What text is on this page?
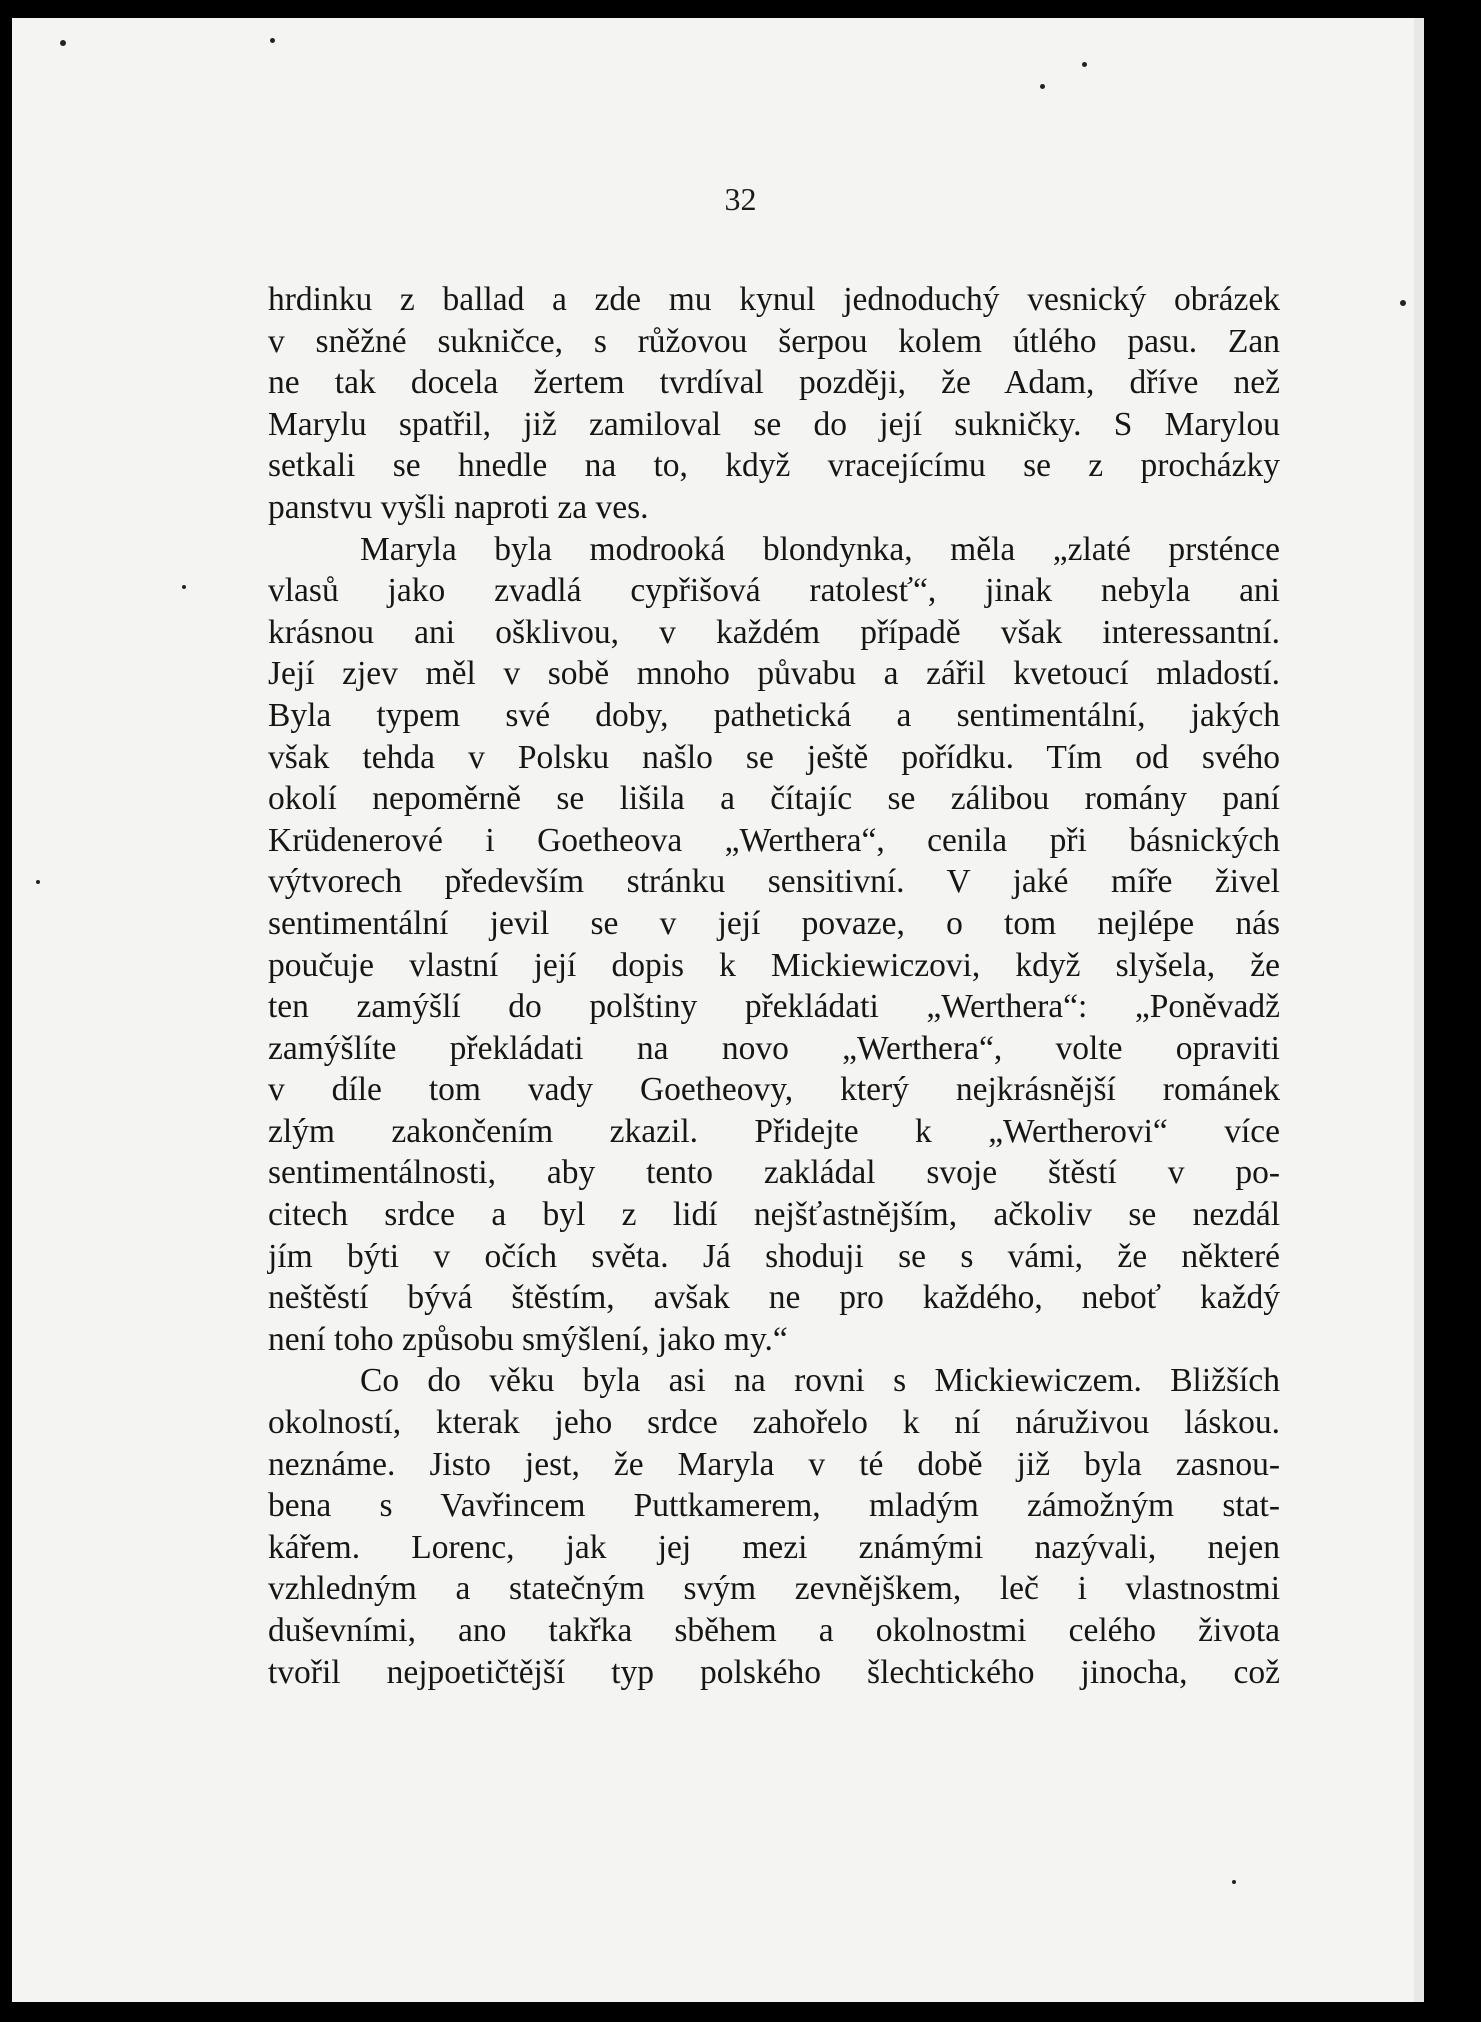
32
hrdinku z ballad a zde mu kynul jednoduchý vesnický obrázek
v sněžné sukničce, s růžovou šerpou kolem útlého pasu. Zan
ne tak docela žertem tvrdíval později, že Adam, dříve než
Marylu spatřil, již zamiloval se do její sukničky. S Marylou
setkali se hnedle na to, když vracejícímu se z procházky
panstvu vyšli naproti za ves.
Maryla byla modrooká blondynka, měla „zlaté prsténce
vlasů jako zvadlá cypřišová ratolesť“, jinak nebyla ani
krásnou ani ošklivou, v každém případě však interessantní.
Její zjev měl v sobě mnoho půvabu a zářil kvetoucí mladostí.
Byla typem své doby, pathetická a sentimentální, jakých
však tehda v Polsku našlo se ještě pořídku. Tím od svého
okolí nepoměrně se lišila a čítajíc se zálibou romány paní
Krüdenerové i Goetheova „Werthera“, cenila při básnických
výtvorech především stránku sensitivní. V jaké míře živel
sentimentální jevil se v její povaze, o tom nejlépe nás
poučuje vlastní její dopis k Mickiewiczovi, když slyšela, že
ten zamýšlí do polštiny překládati „Werthera“: „Poněvadž
zamýšlíte překládati na novo „Werthera“, volte opraviti
v díle tom vady Goetheovy, který nejkrásnější románek
zlým zakončením zkazil. Přidejte k „Wertherovi“ více
sentimentálnosti, aby tento zakládal svoje štěstí v po-
citech srdce a byl z lidí nejšťastnějším, ačkoliv se nezdál
jím býti v očích světa. Já shoduji se s vámi, že některé
neštěstí bývá štěstím, avšak ne pro každého, neboť každý
není toho způsobu smýšlení, jako my.“
Co do věku byla asi na rovni s Mickiewiczem. Bližších
okolností, kterak jeho srdce zahořelo k ní náruživou láskou.
neznáme. Jisto jest, že Maryla v té době již byla zasnou-
bena s Vavřincem Puttkamerem, mladým zámožným stat-
kářem. Lorenc, jak jej mezi známými nazývali, nejen
vzhledným a statečným svým zevnějškem, leč i vlastnostmi
duševními, ano takřka sběhem a okolnostmi celého života
tvořil nejpoetičtější typ polského šlechtického jinocha, což
